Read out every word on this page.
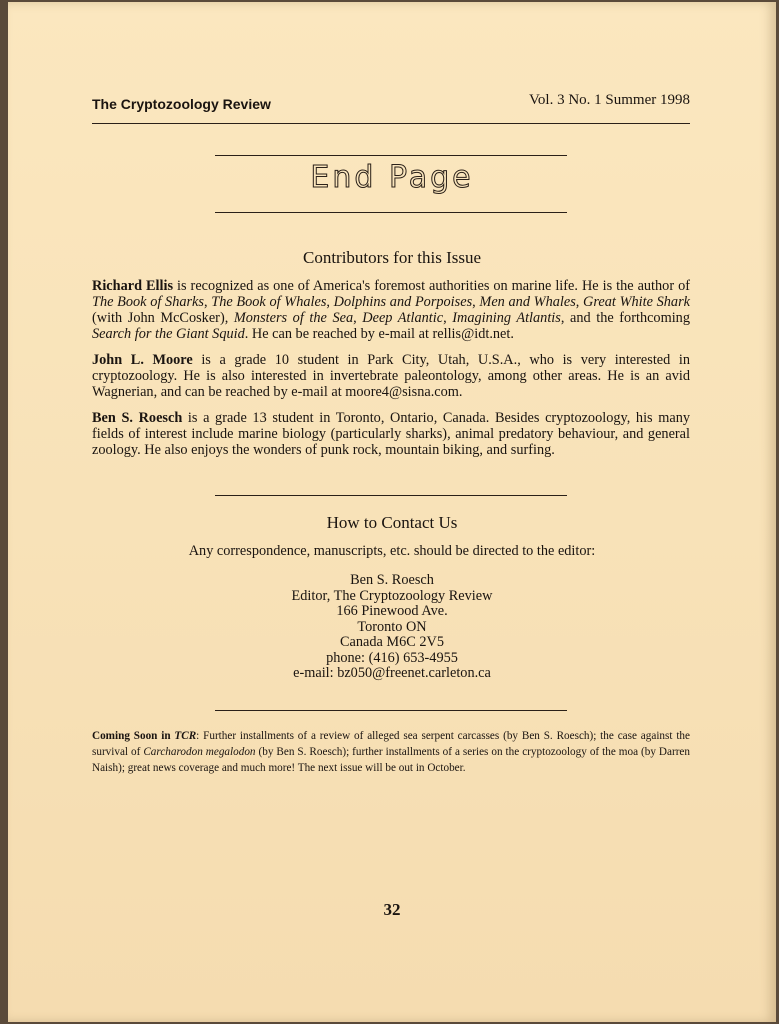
The Cryptozoology Review	Vol. 3 No. 1 Summer 1998
End Page
Contributors for this Issue

Richard Ellis is recognized as one of America's foremost authorities on marine life. He is the author of The Book of Sharks, The Book of Whales, Dolphins and Porpoises, Men and Whales, Great White Shark (with John McCosker), Monsters of the Sea, Deep Atlantic, Imagining Atlantis, and the forthcoming Search for the Giant Squid. He can be reached by e-mail at rellis@idt.net.

John L. Moore is a grade 10 student in Park City, Utah, U.S.A., who is very interested in cryptozoology. He is also interested in invertebrate paleontology, among other areas. He is an avid Wagnerian, and can be reached by e-mail at moore4@sisna.com.

Ben S. Roesch is a grade 13 student in Toronto, Ontario, Canada. Besides cryptozoology, his many fields of interest include marine biology (particularly sharks), animal predatory behaviour, and general zoology. He also enjoys the wonders of punk rock, mountain biking, and surfing.

How to Contact Us
Any correspondence, manuscripts, etc. should be directed to the editor:
Ben S. Roesch
Editor, The Cryptozoology Review
166 Pinewood Ave.
Toronto ON
Canada M6C 2V5
phone: (416) 653-4955
e-mail: bz050@freenet.carleton.ca
Coming Soon in TCR: Further installments of a review of alleged sea serpent carcasses (by Ben S. Roesch); the case against the survival of Carcharodon megalodon (by Ben S. Roesch); further installments of a series on the cryptozoology of the moa (by Darren Naish); great news coverage and much more! The next issue will be out in October.
32
